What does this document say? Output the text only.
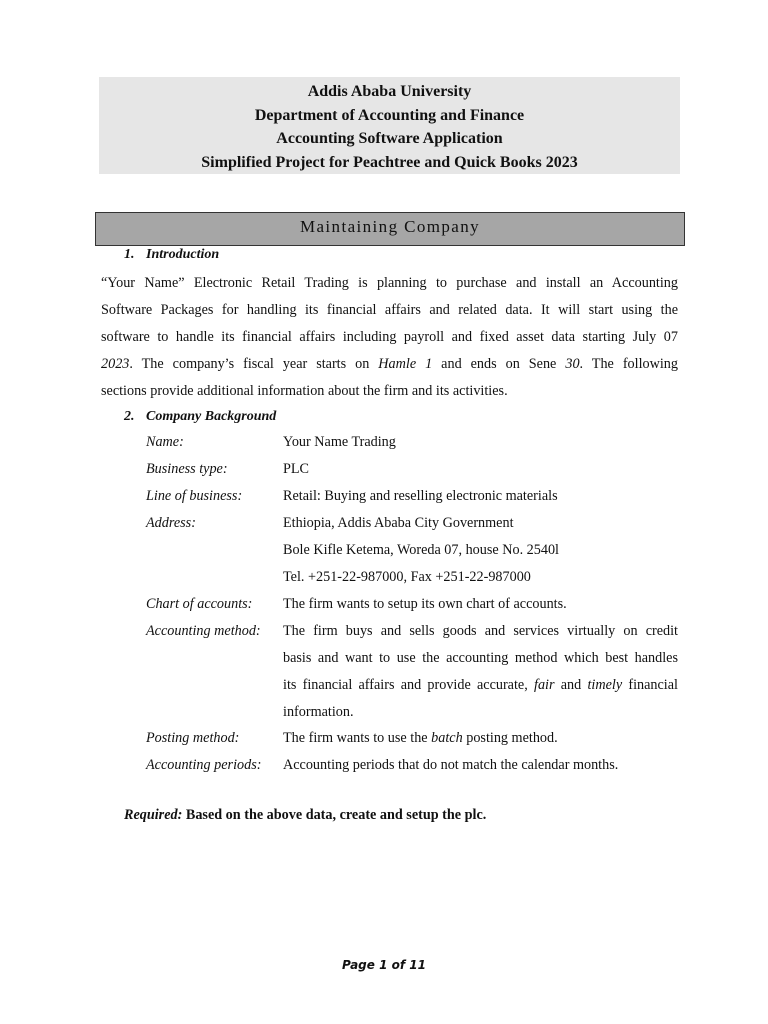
Addis Ababa University
Department of Accounting and Finance
Accounting Software Application
Simplified Project for Peachtree and Quick Books 2023
Maintaining Company
1. Introduction
“Your Name” Electronic Retail Trading is planning to purchase and install an Accounting
Software Packages for handling its financial affairs and related data. It will start using the
software to handle its financial affairs including payroll and fixed asset data starting July 07
2023. The company’s fiscal year starts on Hamle 1 and ends on Sene 30. The following
sections provide additional information about the firm and its activities.
2. Company Background
Name:	Your Name Trading
Business type:	PLC
Line of business:	Retail: Buying and reselling electronic materials
Address:	Ethiopia, Addis Ababa City Government
Bole Kifle Ketema, Woreda 07, house No. 2540l
Tel. +251-22-987000, Fax +251-22-987000
Chart of accounts: The firm wants to setup its own chart of accounts.
Accounting method: The firm buys and sells goods and services virtually on credit
basis and want to use the accounting method which best handles
its financial affairs and provide accurate, fair and timely financial
information.
Posting method:	The firm wants to use the batch posting method.
Accounting periods: Accounting periods that do not match the calendar months.
Required: Based on the above data, create and setup the plc.
Page 1 of 11
